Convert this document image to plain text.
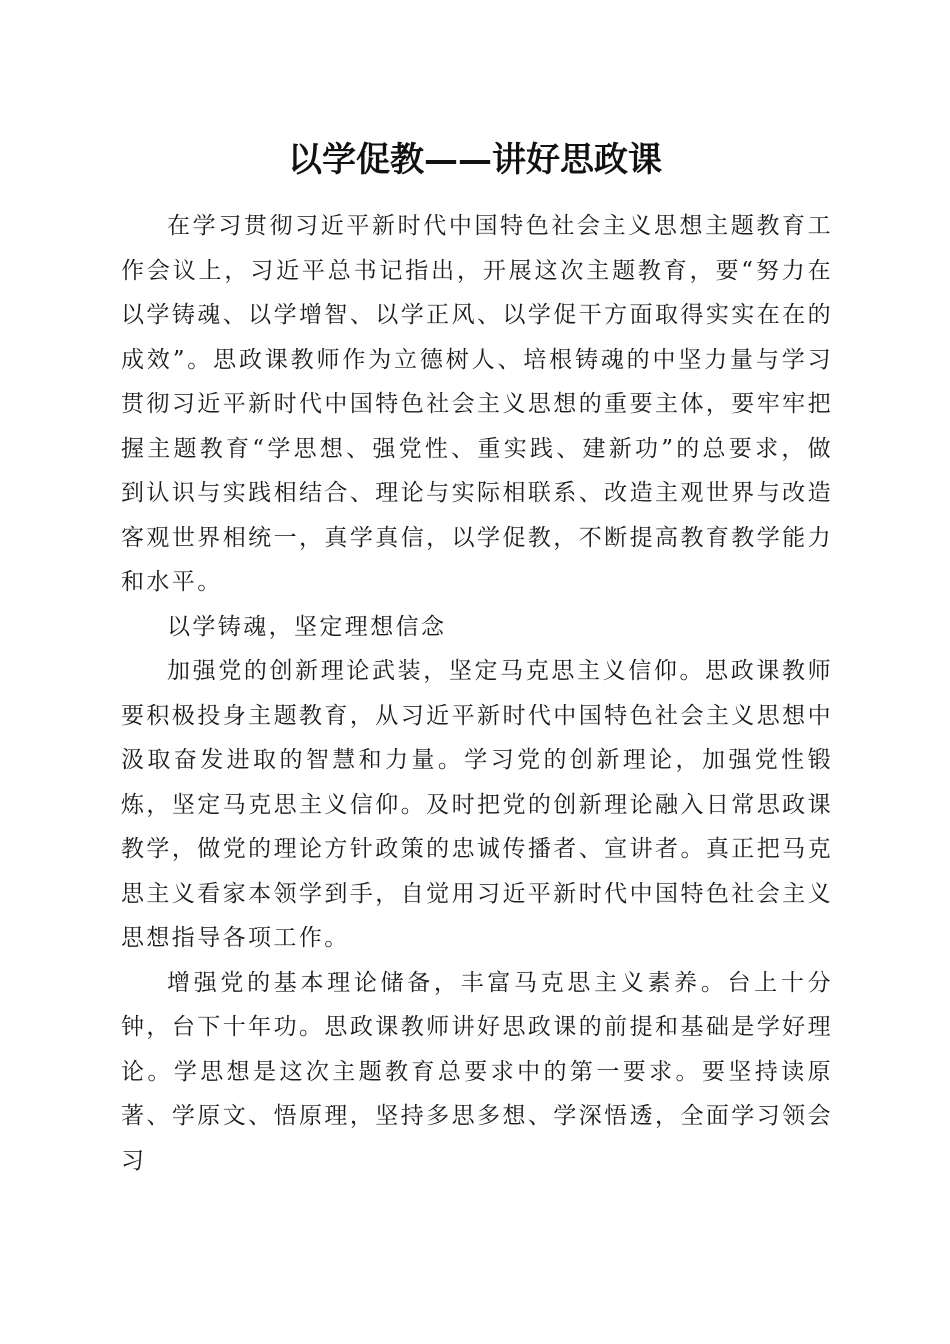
以学促教——讲好思政课

在学习贯彻习近平新时代中国特色社会主义思想主题教育工作会议上，习近平总书记指出，开展这次主题教育，要“努力在以学铸魂、以学增智、以学正风、以学促干方面取得实实在在的成效”。思政课教师作为立德树人、培根铸魂的中坚力量与学习贯彻习近平新时代中国特色社会主义思想的重要主体，要牢牢把握主题教育“学思想、强党性、重实践、建新功”的总要求，做到认识与实践相结合、理论与实际相联系、改造主观世界与改造客观世界相统一，真学真信，以学促教，不断提高教育教学能力和水平。

以学铸魂，坚定理想信念

加强党的创新理论武装，坚定马克思主义信仰。思政课教师要积极投身主题教育，从习近平新时代中国特色社会主义思想中汲取奋发进取的智慧和力量。学习党的创新理论，加强党性锻炼，坚定马克思主义信仰。及时把党的创新理论融入日常思政课教学，做党的理论方针政策的忠诚传播者、宣讲者。真正把马克思主义看家本领学到手，自觉用习近平新时代中国特色社会主义思想指导各项工作。

增强党的基本理论储备，丰富马克思主义素养。台上十分钟，台下十年功。思政课教师讲好思政课的前提和基础是学好理论。学思想是这次主题教育总要求中的第一要求。要坚持读原著、学原文、悟原理，坚持多思多想、学深悟透，全面学习领会习
